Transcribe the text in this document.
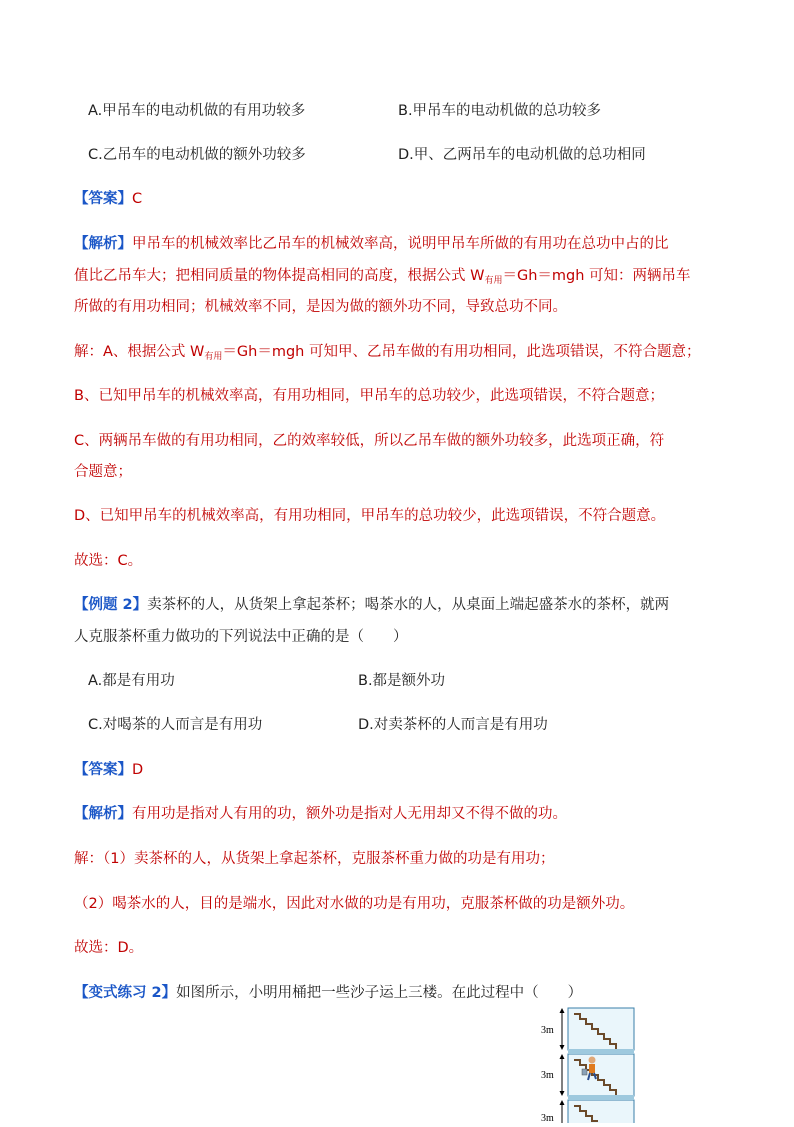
A.甲吊车的电动机做的有用功较多	B.甲吊车的电动机做的总功较多
C.乙吊车的电动机做的额外功较多	D.甲、乙两吊车的电动机做的总功相同
【答案】C
【解析】甲吊车的机械效率比乙吊车的机械效率高，说明甲吊车所做的有用功在总功中占的比
值比乙吊车大；把相同质量的物体提高相同的高度，根据公式 $W_{有用}=Gh=mgh$ 可知：两辆吊车
所做的有用功相同；机械效率不同，是因为做的额外功不同，导致总功不同。
解：A、根据公式 $W_{有用}=Gh=mgh$ 可知甲、乙吊车做的有用功相同，此选项错误，不符合题意；
B、已知甲吊车的机械效率高，有用功相同，甲吊车的总功较少，此选项错误，不符合题意；
C、两辆吊车做的有用功相同，乙的效率较低，所以乙吊车做的额外功较多，此选项正确，符
合题意；
D、已知甲吊车的机械效率高，有用功相同，甲吊车的总功较少，此选项错误，不符合题意。
故选：C。
【例题 2】卖茶杯的人，从货架上拿起茶杯；喝茶水的人，从桌面上端起盛茶水的茶杯，就两
人克服茶杯重力做功的下列说法中正确的是（　　）
A.都是有用功	B.都是额外功
C.对喝茶的人而言是有用功	D.对卖茶杯的人而言是有用功
【答案】D
【解析】有用功是指对人有用的功，额外功是指对人无用却又不得不做的功。
解：（1）卖茶杯的人，从货架上拿起茶杯，克服茶杯重力做的功是有用功；
（2）喝茶水的人，目的是端水，因此对水做的功是有用功，克服茶杯做的功是额外功。
故选：D。
【变式练习 2】如图所示，小明用桶把一些沙子运上三楼。在此过程中（　　）
3m
3m
3m
